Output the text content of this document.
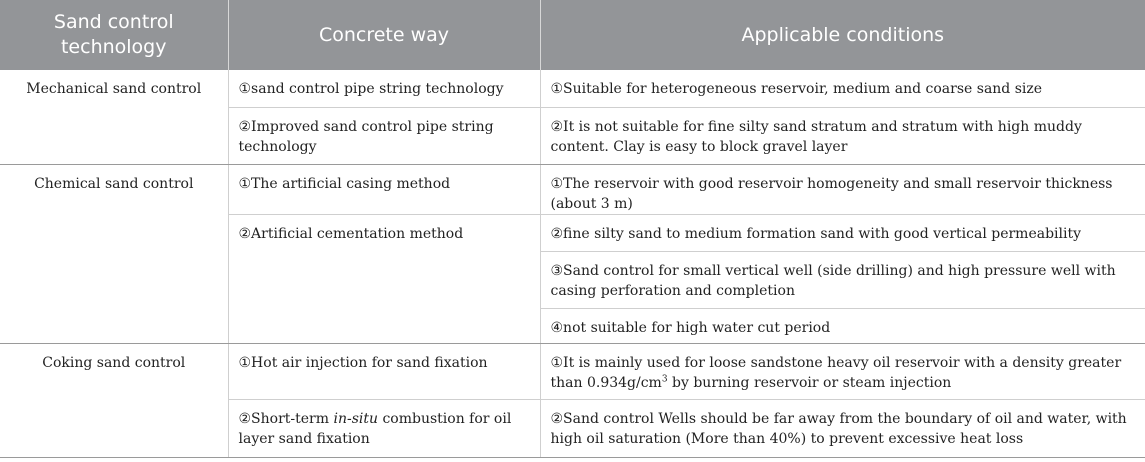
Sand control technology	Concrete way	Applicable conditions
Mechanical sand control	①sand control pipe string technology	①Suitable for heterogeneous reservoir, medium and coarse sand size
	②Improved sand control pipe string technology	②It is not suitable for fine silty sand stratum and stratum with high muddy content. Clay is easy to block gravel layer
Chemical sand control	①The artificial casing method	①The reservoir with good reservoir homogeneity and small reservoir thickness (about 3 m)
	②Artificial cementation method	②fine silty sand to medium formation sand with good vertical permeability
		③Sand control for small vertical well (side drilling) and high pressure well with casing perforation and completion
		④not suitable for high water cut period
Coking sand control	①Hot air injection for sand fixation	①It is mainly used for loose sandstone heavy oil reservoir with a density greater than $0.934g/cm^3$ by burning reservoir or steam injection
	②Short-term in-situ combustion for oil layer sand fixation	②Sand control Wells should be far away from the boundary of oil and water, with high oil saturation (More than 40%) to prevent excessive heat loss
